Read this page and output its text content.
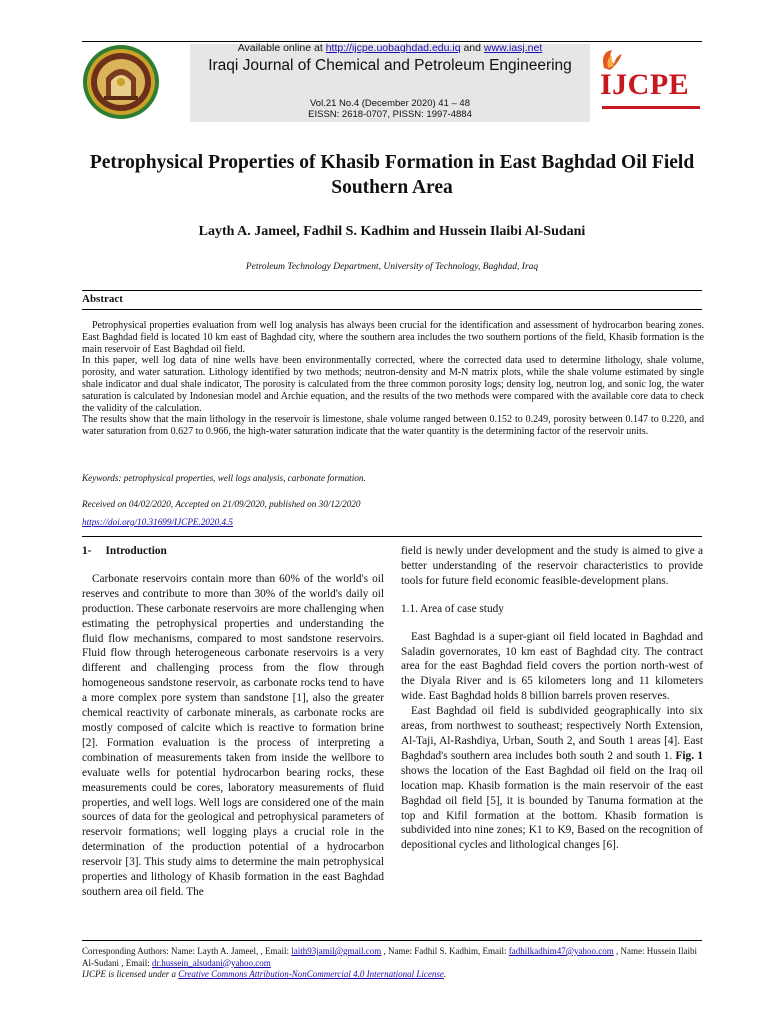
Available online at http://ijcpe.uobaghdad.edu.iq and www.iasj.net
Iraqi Journal of Chemical and Petroleum Engineering
Vol.21 No.4 (December 2020) 41 – 48
EISSN: 2618-0707, PISSN: 1997-4884
IJCPE
Petrophysical Properties of Khasib Formation in East Baghdad Oil Field Southern Area
Layth A. Jameel, Fadhil S. Kadhim and Hussein Ilaibi Al-Sudani
Petroleum Technology Department, University of Technology, Baghdad, Iraq
Abstract

Petrophysical properties evaluation from well log analysis has always been crucial for the identification and assessment of hydrocarbon bearing zones. East Baghdad field is located 10 km east of Baghdad city, where the southern area includes the two southern portions of the field, Khasib formation is the main reservoir of East Baghdad oil field.

In this paper, well log data of nine wells have been environmentally corrected, where the corrected data used to determine lithology, shale volume, porosity, and water saturation. Lithology identified by two methods; neutron-density and M-N matrix plots, while the shale volume estimated by single shale indicator and dual shale indicator, The porosity is calculated from the three common porosity logs; density log, neutron log, and sonic log, the water saturation is calculated by Indonesian model and Archie equation, and the results of the two methods were compared with the available core data to check the validity of the calculation.

The results show that the main lithology in the reservoir is limestone, shale volume ranged between 0.152 to 0.249, porosity between 0.147 to 0.220, and water saturation from 0.627 to 0.966, the high-water saturation indicate that the water quantity is the determining factor of the reservoir units.

Keywords: petrophysical properties, well logs analysis, carbonate formation.
Received on 04/02/2020, Accepted on 21/09/2020, published on 30/12/2020
https://doi.org/10.31699/IJCPE.2020.4.5

1-     Introduction

Carbonate reservoirs contain more than 60% of the world's oil reserves and contribute to more than 30% of the world's daily oil production. These carbonate reservoirs are more challenging when estimating the petrophysical properties and understanding the fluid flow mechanisms, compared to most sandstone reservoirs. Fluid flow through heterogeneous carbonate reservoirs is a very different and challenging process from the flow through homogeneous sandstone reservoir, as carbonate rocks tend to have a more complex pore system than sandstone [1], also the greater chemical reactivity of carbonate minerals, as carbonate rocks are mostly composed of calcite which is reactive to formation brine [2]. Formation evaluation is the process of interpreting a combination of measurements taken from inside the wellbore to evaluate wells for potential hydrocarbon bearing rocks, these measurements could be cores, laboratory measurements of fluid properties, and well logs. Well logs are considered one of the main sources of data for the geological and petrophysical parameters of reservoir formations; well logging plays a crucial role in the determination of the production potential of a hydrocarbon reservoir [3]. This study aims to determine the main petrophysical properties and lithology of Khasib formation in the east Baghdad southern area oil field. The

field is newly under development and the study is aimed to give a better understanding of the reservoir characteristics to provide tools for future field economic feasible-development plans.

1.1. Area of case study

East Baghdad is a super-giant oil field located in Baghdad and Saladin governorates, 10 km east of Baghdad city. The contract area for the east Baghdad field covers the portion north-west of the Diyala River and is 65 kilometers long and 11 kilometers wide. East Baghdad holds 8 billion barrels proven reserves.

East Baghdad oil field is subdivided geographically into six areas, from northwest to southeast; respectively North Extension, Al-Taji, Al-Rashdiya, Urban, South 2, and South 1 areas [4]. East Baghdad's southern area includes both south 2 and south 1. Fig. 1 shows the location of the East Baghdad oil field on the Iraq oil location map. Khasib formation is the main reservoir of the east Baghdad oil field [5], it is bounded by Tanuma formation at the top and Kifil formation at the bottom. Khasib formation is subdivided into nine zones; K1 to K9, Based on the recognition of depositional cycles and lithological changes [6].

Corresponding Authors: Name: Layth A. Jameel, , Email: laith93jamil@gmail.com , Name: Fadhil S. Kadhim, Email: fadhilkadhim47@yahoo.com , Name: Hussein Ilaibi Al-Sudani , Email: dr.hussein_alsudani@yahoo.com

IJCPE is licensed under a Creative Commons Attribution-NonCommercial 4.0 International License.
